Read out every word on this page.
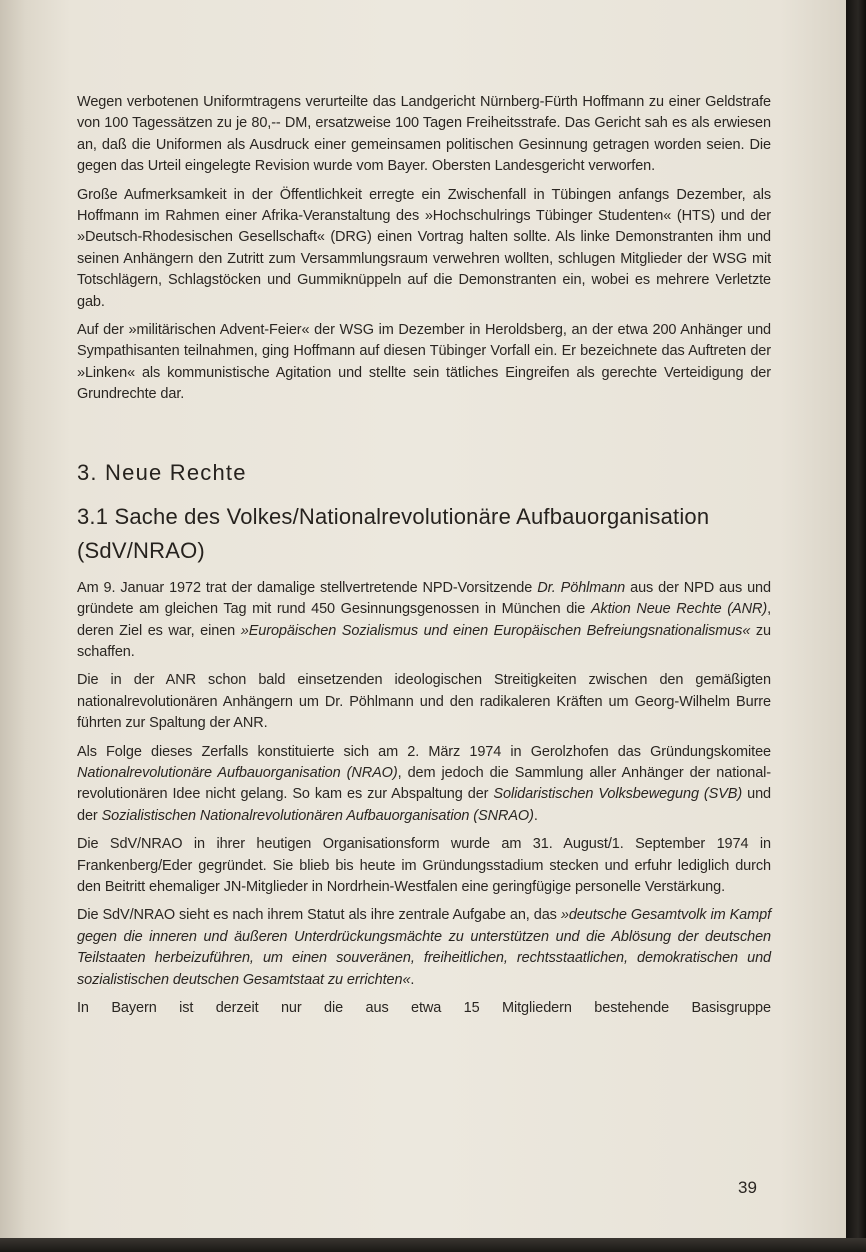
Wegen verbotenen Uniformtragens verurteilte das Landgericht Nürnberg-Fürth Hoffmann zu einer Geldstrafe von 100 Tagessätzen zu je 80,-- DM, ersatzweise 100 Tagen Freiheitsstrafe. Das Gericht sah es als erwiesen an, daß die Uniformen als Ausdruck einer gemeinsamen politischen Gesinnung getragen worden seien. Die gegen das Urteil eingelegte Revision wurde vom Bayer. Obersten Landesgericht verworfen.

Große Aufmerksamkeit in der Öffentlichkeit erregte ein Zwischenfall in Tübingen anfangs Dezember, als Hoffmann im Rahmen einer Afrika-Veranstaltung des »Hochschulrings Tübinger Studenten« (HTS) und der »Deutsch-Rhodesischen Gesellschaft« (DRG) einen Vortrag halten sollte. Als linke Demonstranten ihm und seinen Anhängern den Zutritt zum Versammlungsraum verwehren wollten, schlugen Mitglieder der WSG mit Totschlägern, Schlagstöcken und Gummiknüppeln auf die Demonstranten ein, wobei es mehrere Verletzte gab.

Auf der »militärischen Advent-Feier« der WSG im Dezember in Heroldsberg, an der etwa 200 Anhänger und Sympathisanten teilnahmen, ging Hoffmann auf diesen Tübinger Vorfall ein. Er bezeichnete das Auftreten der »Linken« als kommunistische Agitation und stellte sein tätliches Eingreifen als gerechte Verteidigung der Grundrechte dar.

3. Neue Rechte
3.1 Sache des Volkes/Nationalrevolutionäre Aufbauorganisation (SdV/NRAO)

Am 9. Januar 1972 trat der damalige stellvertretende NPD-Vorsitzende Dr. Pöhlmann aus der NPD aus und gründete am gleichen Tag mit rund 450 Gesinnungsgenossen in München die Aktion Neue Rechte (ANR), deren Ziel es war, einen »Europäischen Sozialismus und einen Europäischen Befreiungsnationalismus« zu schaffen.

Die in der ANR schon bald einsetzenden ideologischen Streitigkeiten zwischen den gemäßigten nationalrevolutionären Anhängern um Dr. Pöhlmann und den radikaleren Kräften um Georg-Wilhelm Burre führten zur Spaltung der ANR.

Als Folge dieses Zerfalls konstituierte sich am 2. März 1974 in Gerolzhofen das Gründungskomitee Nationalrevolutionäre Aufbauorganisation (NRAO), dem jedoch die Sammlung aller Anhänger der national-revolutionären Idee nicht gelang. So kam es zur Abspaltung der Solidaristischen Volksbewegung (SVB) und der Sozialistischen Nationalrevolutionären Aufbauorganisation (SNRAO).

Die SdV/NRAO in ihrer heutigen Organisationsform wurde am 31. August/1. September 1974 in Frankenberg/Eder gegründet. Sie blieb bis heute im Gründungsstadium stecken und erfuhr lediglich durch den Beitritt ehemaliger JN-Mitglieder in Nordrhein-Westfalen eine geringfügige personelle Verstärkung.

Die SdV/NRAO sieht es nach ihrem Statut als ihre zentrale Aufgabe an, das »deutsche Gesamtvolk im Kampf gegen die inneren und äußeren Unterdrückungsmächte zu unterstützen und die Ablösung der deutschen Teilstaaten herbeizuführen, um einen souveränen, freiheitlichen, rechtsstaatlichen, demokratischen und sozialistischen deutschen Gesamtstaat zu errichten«.

In Bayern ist derzeit nur die aus etwa 15 Mitgliedern bestehende Basisgruppe

39
